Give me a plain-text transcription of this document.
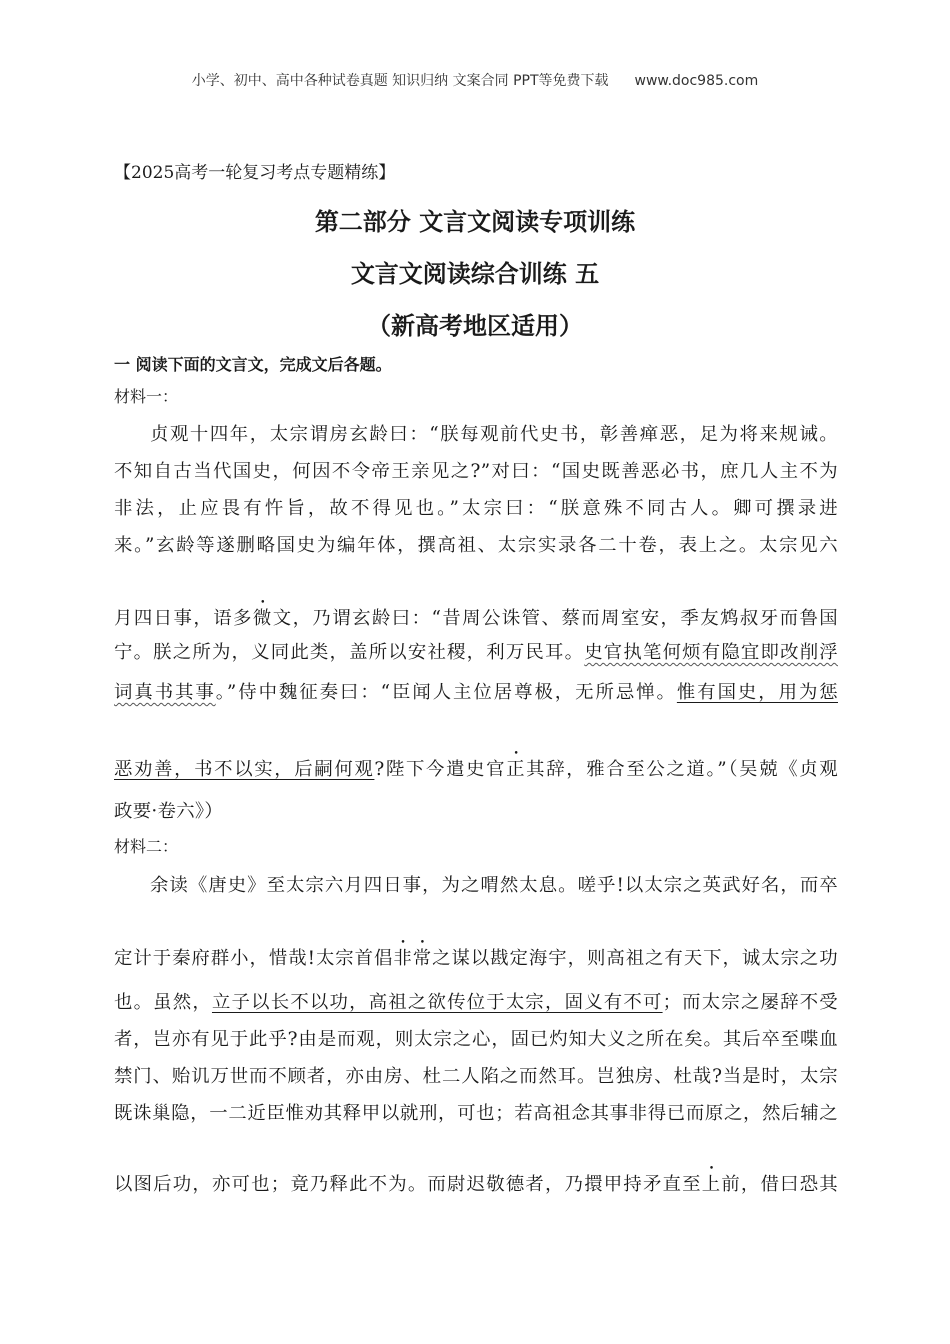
小学、初中、高中各种试卷真题 知识归纳 文案合同 PPT等免费下载 www.doc985.com
【2025高考一轮复习考点专题精练】
第二部分 文言文阅读专项训练
文言文阅读综合训练 五
（新高考地区适用）
一 阅读下面的文言文，完成文后各题。
材料一：
贞观十四年，太宗谓房玄龄曰：“朕每观前代史书，彰善瘅恶，足为将来规诫。
不知自古当代国史，何因不令帝王亲见之?”对曰：“国史既善恶必书，庶几人主不为
非法，止应畏有忤旨，故不得见也。”太宗曰：“朕意殊不同古人。卿可撰录进
来。”玄龄等遂删略国史为编年体，撰高祖、太宗实录各二十卷，表上之。太宗见六
月四日事，语多微文，乃谓玄龄曰：“昔周公诛管、蔡而周室安，季友鸩叔牙而鲁国
宁。朕之所为，义同此类，盖所以安社稷，利万民耳。史官执笔何烦有隐宜即改削浮
词真书其事。”侍中魏征奏曰：“臣闻人主位居尊极，无所忌惮。惟有国史，用为惩
恶劝善，书不以实，后嗣何观?陛下今遣史官正其辞，雅合至公之道。”（吴兢《贞观
政要·卷六》）
材料二：
余读《唐史》至太宗六月四日事，为之喟然太息。嗟乎!以太宗之英武好名，而卒
定计于秦府群小，惜哉!太宗首倡非常之谋以戡定海宇，则高祖之有天下，诚太宗之功
也。虽然，立子以长不以功，高祖之欲传位于太宗，固义有不可；而太宗之屡辞不受
者，岂亦有见于此乎?由是而观，则太宗之心，固已灼知大义之所在矣。其后卒至喋血
禁门、贻讥万世而不顾者，亦由房、杜二人陷之而然耳。岂独房、杜哉?当是时，太宗
既诛巢隐，一二近臣惟劝其释甲以就刑，可也；若高祖念其事非得已而原之，然后辅之
以图后功，亦可也；竟乃释此不为。而尉迟敬德者，乃擐甲持矛直至上前，借曰恐其
